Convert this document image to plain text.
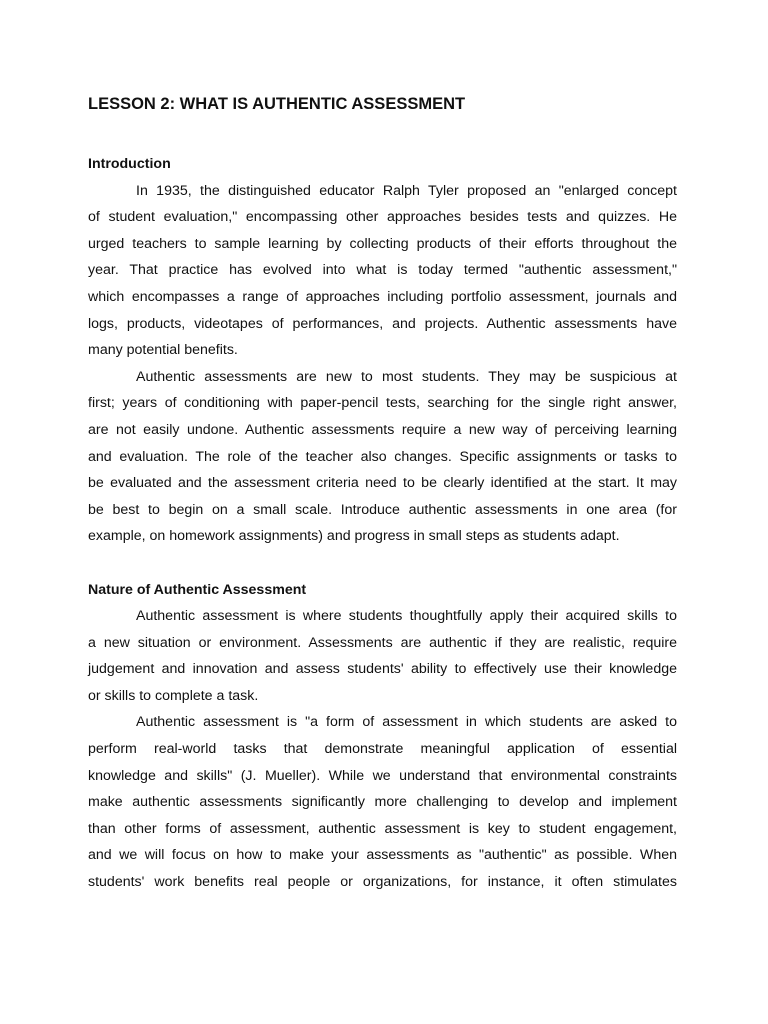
LESSON 2: WHAT IS AUTHENTIC ASSESSMENT
Introduction
In 1935, the distinguished educator Ralph Tyler proposed an "enlarged concept
of student evaluation," encompassing other approaches besides tests and quizzes. He
urged teachers to sample learning by collecting products of their efforts throughout the
year. That practice has evolved into what is today termed "authentic assessment,"
which encompasses a range of approaches including portfolio assessment, journals and
logs, products, videotapes of performances, and projects. Authentic assessments have
many potential benefits.
Authentic assessments are new to most students. They may be suspicious at
first; years of conditioning with paper-pencil tests, searching for the single right answer,
are not easily undone. Authentic assessments require a new way of perceiving learning
and evaluation. The role of the teacher also changes. Specific assignments or tasks to
be evaluated and the assessment criteria need to be clearly identified at the start. It may
be best to begin on a small scale. Introduce authentic assessments in one area (for
example, on homework assignments) and progress in small steps as students adapt.
Nature of Authentic Assessment
Authentic assessment is where students thoughtfully apply their acquired skills to
a new situation or environment. Assessments are authentic if they are realistic, require
judgement and innovation and assess students' ability to effectively use their knowledge
or skills to complete a task.
Authentic assessment is "a form of assessment in which students are asked to
perform real-world tasks that demonstrate meaningful application of essential
knowledge and skills" (J. Mueller). While we understand that environmental constraints
make authentic assessments significantly more challenging to develop and implement
than other forms of assessment, authentic assessment is key to student engagement,
and we will focus on how to make your assessments as "authentic" as possible. When
students' work benefits real people or organizations, for instance, it often stimulates
